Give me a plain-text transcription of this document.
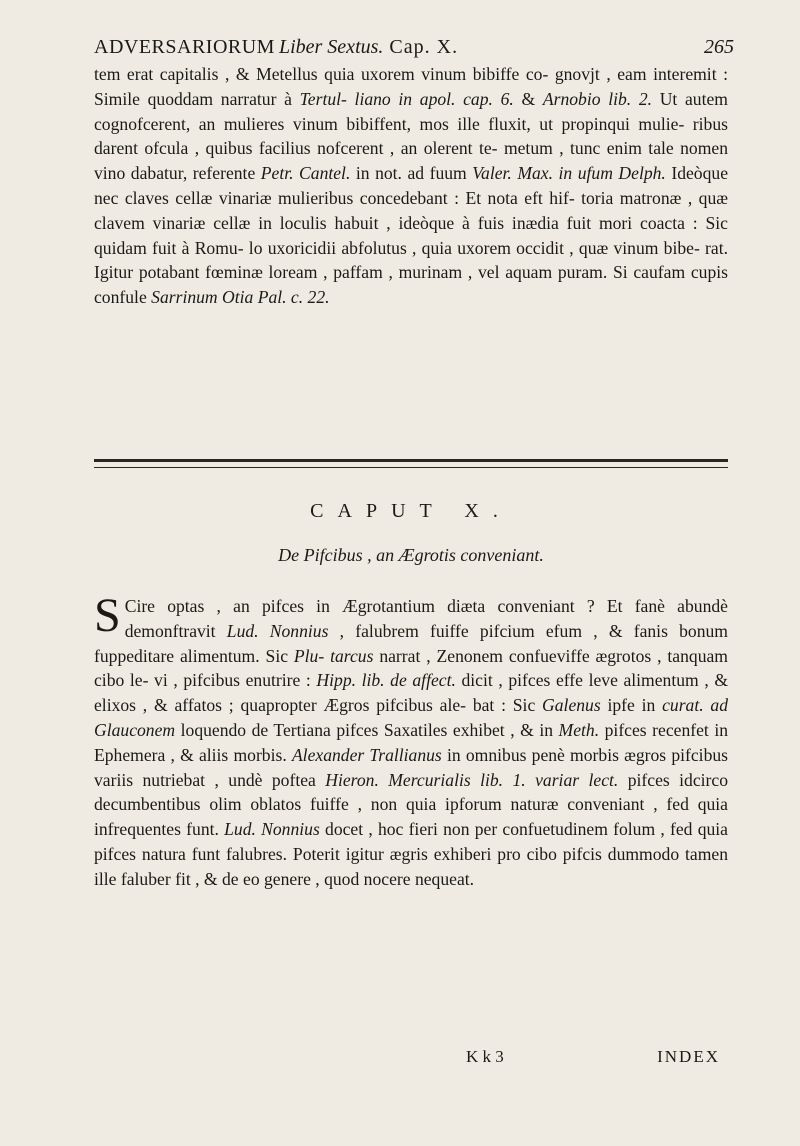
ADVERSARIORUM Liber Sextus. Cap. X.	265
tem erat capitalis , & Metellus quia uxorem vinum bibiffe co- gnovjt , eam interemit : Simile quoddam narratur à Tertul- liano in apol. cap. 6. & Arnobio lib. 2. Ut autem cognofcerent, an mulieres vinum bibiffent, mos ille fluxit, ut propinqui mulie- ribus darent ofcula , quibus facilius nofcerent , an olerent te- metum , tunc enim tale nomen vino dabatur, referente Petr. Cantel. in not. ad fuum Valer. Max. in ufum Delph. Ideòque nec claves cellæ vinariæ mulieribus concedebant : Et nota eft hif- toria matronæ , quæ clavem vinariæ cellæ in loculis habuit , ideòque à fuis inædia fuit mori coacta : Sic quidam fuit à Romu- lo uxoricidii abfolutus , quia uxorem occidit , quæ vinum bibe- rat. Igitur potabant fœminæ loream , paffam , murinam , vel aquam puram. Si caufam cupis confule Sarrinum Otia Pal. c. 22.
CAPUT X.
De Pifcibus , an Ægrotis conveniant.
S Cire optas , an pifces in Ægrotantium diæta conveniant ? Et fanè abundè demonftravit Lud. Nonnius , falubrem fuiffe pifcium efum , & fanis bonum fuppeditare alimentum. Sic Plu- tarcus narrat , Zenonem confueviffe ægrotos , tanquam cibo le- vi , pifcibus enutrire : Hipp. lib. de affect. dicit , pifces effe leve alimentum , & elixos , & affatos ; quapropter Ægros pifcibus ale- bat : Sic Galenus ipfe in curat. ad Glauconem loquendo de Tertiana pifces Saxatiles exhibet , & in Meth. pifces recenfet in Ephemera , & aliis morbis. Alexander Trallianus in omnibus penè morbis ægros pifcibus variis nutriebat , undè poftea Hieron. Mercurialis lib. 1. variar lect. pifces idcirco decumbentibus olim oblatos fuiffe , non quia ipforum naturæ conveniant , fed quia infrequentes funt. Lud. Nonnius docet , hoc fieri non per confuetudinem folum , fed quia pifces natura funt falubres. Poterit igitur ægris exhiberi pro cibo pifcis dummodo tamen ille faluber fit , & de eo genere , quod nocere nequeat.
K k 3	INDEX
